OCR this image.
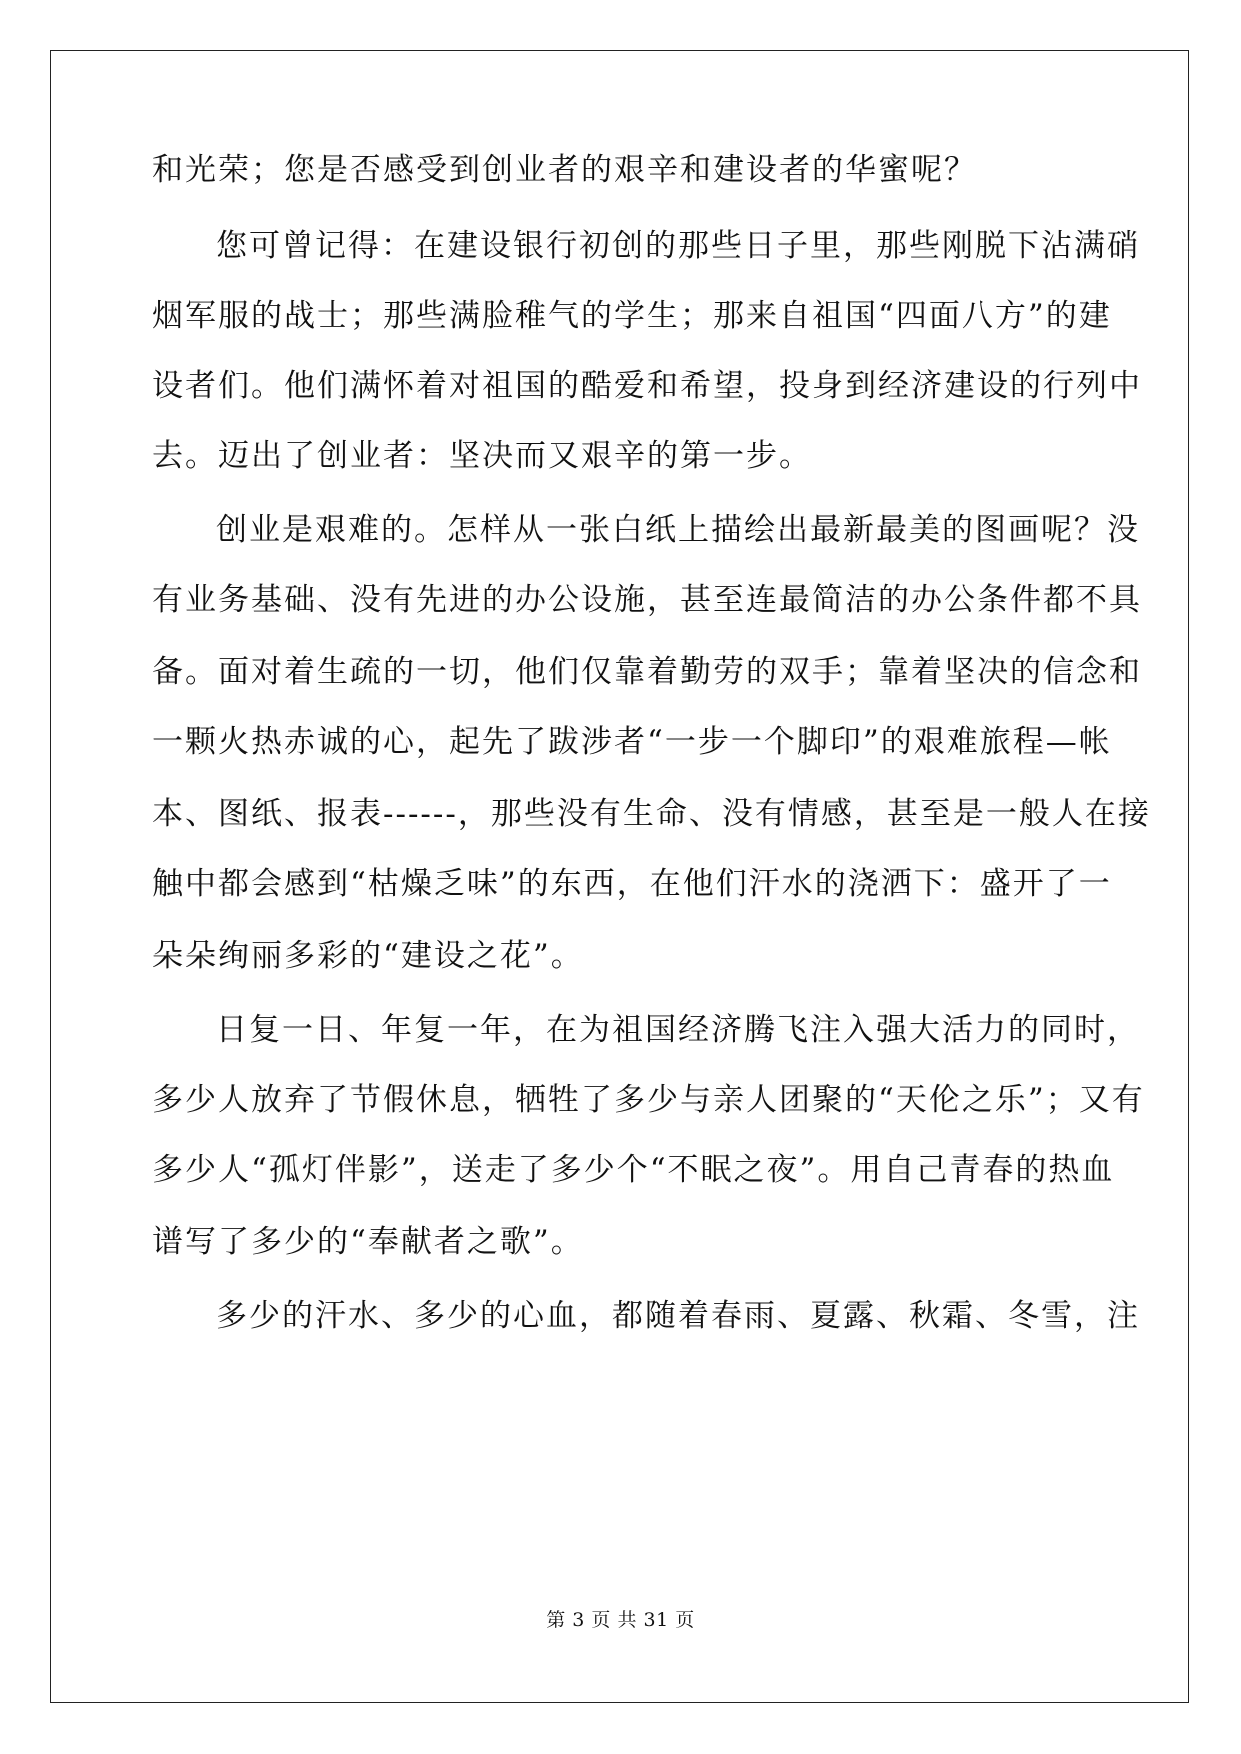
和光荣；您是否感受到创业者的艰辛和建设者的华蜜呢？
您可曾记得：在建设银行初创的那些日子里，那些刚脱下沾满硝
烟军服的战士；那些满脸稚气的学生；那来自祖国“四面八方”的建
设者们。他们满怀着对祖国的酷爱和希望，投身到经济建设的行列中
去。迈出了创业者：坚决而又艰辛的第一步。
创业是艰难的。怎样从一张白纸上描绘出最新最美的图画呢？没
有业务基础、没有先进的办公设施，甚至连最简洁的办公条件都不具
备。面对着生疏的一切，他们仅靠着勤劳的双手；靠着坚决的信念和
一颗火热赤诚的心，起先了跋涉者“一步一个脚印”的艰难旅程—帐
本、图纸、报表------，那些没有生命、没有情感，甚至是一般人在接
触中都会感到“枯燥乏味”的东西，在他们汗水的浇洒下：盛开了一
朵朵绚丽多彩的“建设之花”。
日复一日、年复一年，在为祖国经济腾飞注入强大活力的同时，
多少人放弃了节假休息，牺牲了多少与亲人团聚的“天伦之乐”；又有
多少人“孤灯伴影”，送走了多少个“不眠之夜”。用自己青春的热血
谱写了多少的“奉献者之歌”。
多少的汗水、多少的心血，都随着春雨、夏露、秋霜、冬雪，注
第 3 页 共 31 页
